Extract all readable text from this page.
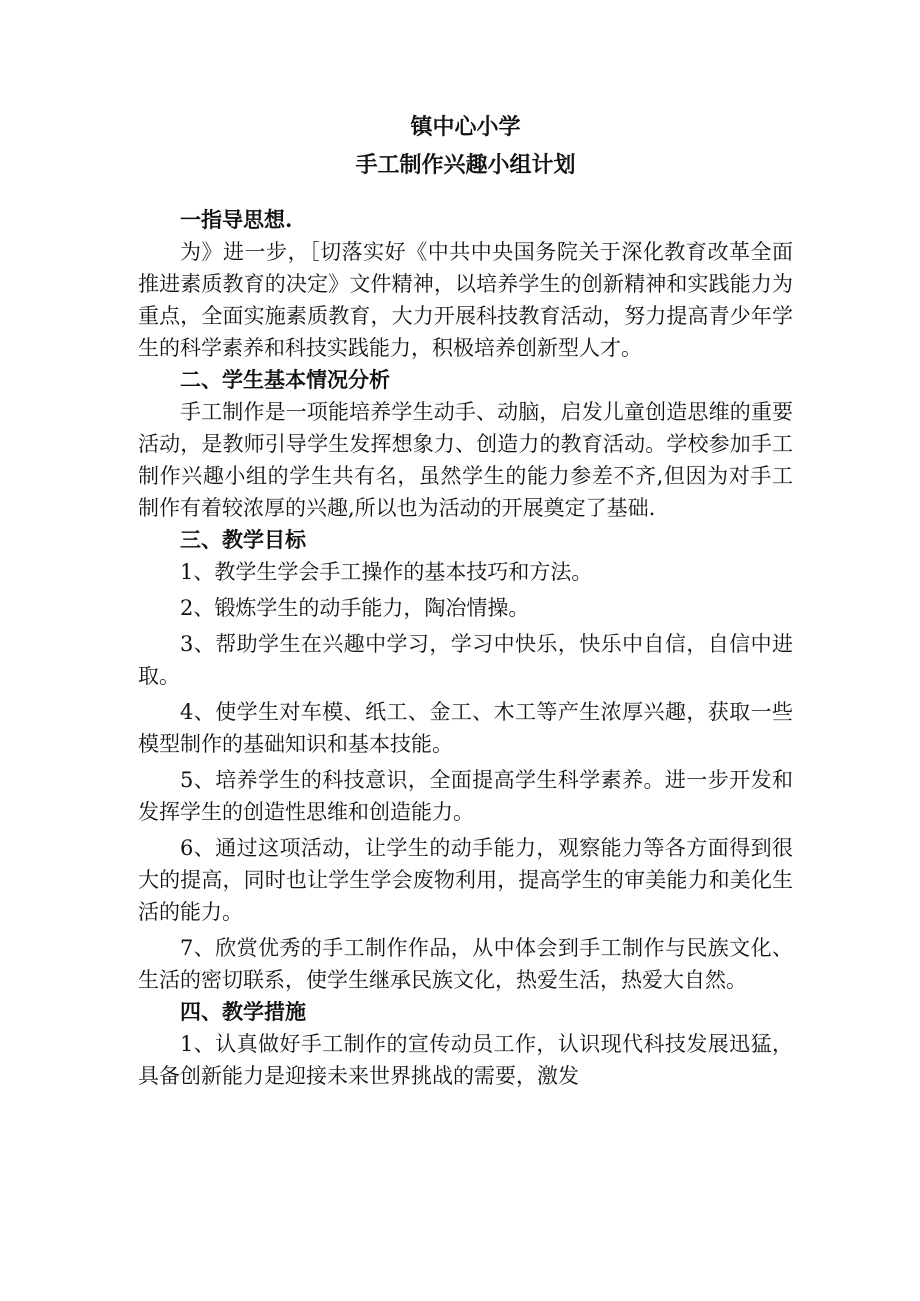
镇中心小学
手工制作兴趣小组计划

一指导思想.

为》进一步，［切落实好《中共中央国务院关于深化教育改革全面推进素质教育的决定》文件精神，以培养学生的创新精神和实践能力为重点，全面实施素质教育，大力开展科技教育活动，努力提高青少年学生的科学素养和科技实践能力，积极培养创新型人才。

二、学生基本情况分析

手工制作是一项能培养学生动手、动脑，启发儿童创造思维的重要活动，是教师引导学生发挥想象力、创造力的教育活动。学校参加手工制作兴趣小组的学生共有名，虽然学生的能力参差不齐,但因为对手工制作有着较浓厚的兴趣,所以也为活动的开展奠定了基础.

三、教学目标

1、教学生学会手工操作的基本技巧和方法。

2、锻炼学生的动手能力，陶冶情操。

3、帮助学生在兴趣中学习，学习中快乐，快乐中自信，自信中进取。

4、使学生对车模、纸工、金工、木工等产生浓厚兴趣，获取一些模型制作的基础知识和基本技能。

5、培养学生的科技意识，全面提高学生科学素养。进一步开发和发挥学生的创造性思维和创造能力。

6、通过这项活动，让学生的动手能力，观察能力等各方面得到很大的提高，同时也让学生学会废物利用，提高学生的审美能力和美化生活的能力。

7、欣赏优秀的手工制作作品，从中体会到手工制作与民族文化、生活的密切联系，使学生继承民族文化，热爱生活，热爱大自然。

四、教学措施

1、认真做好手工制作的宣传动员工作，认识现代科技发展迅猛，具备创新能力是迎接未来世界挑战的需要，激发
